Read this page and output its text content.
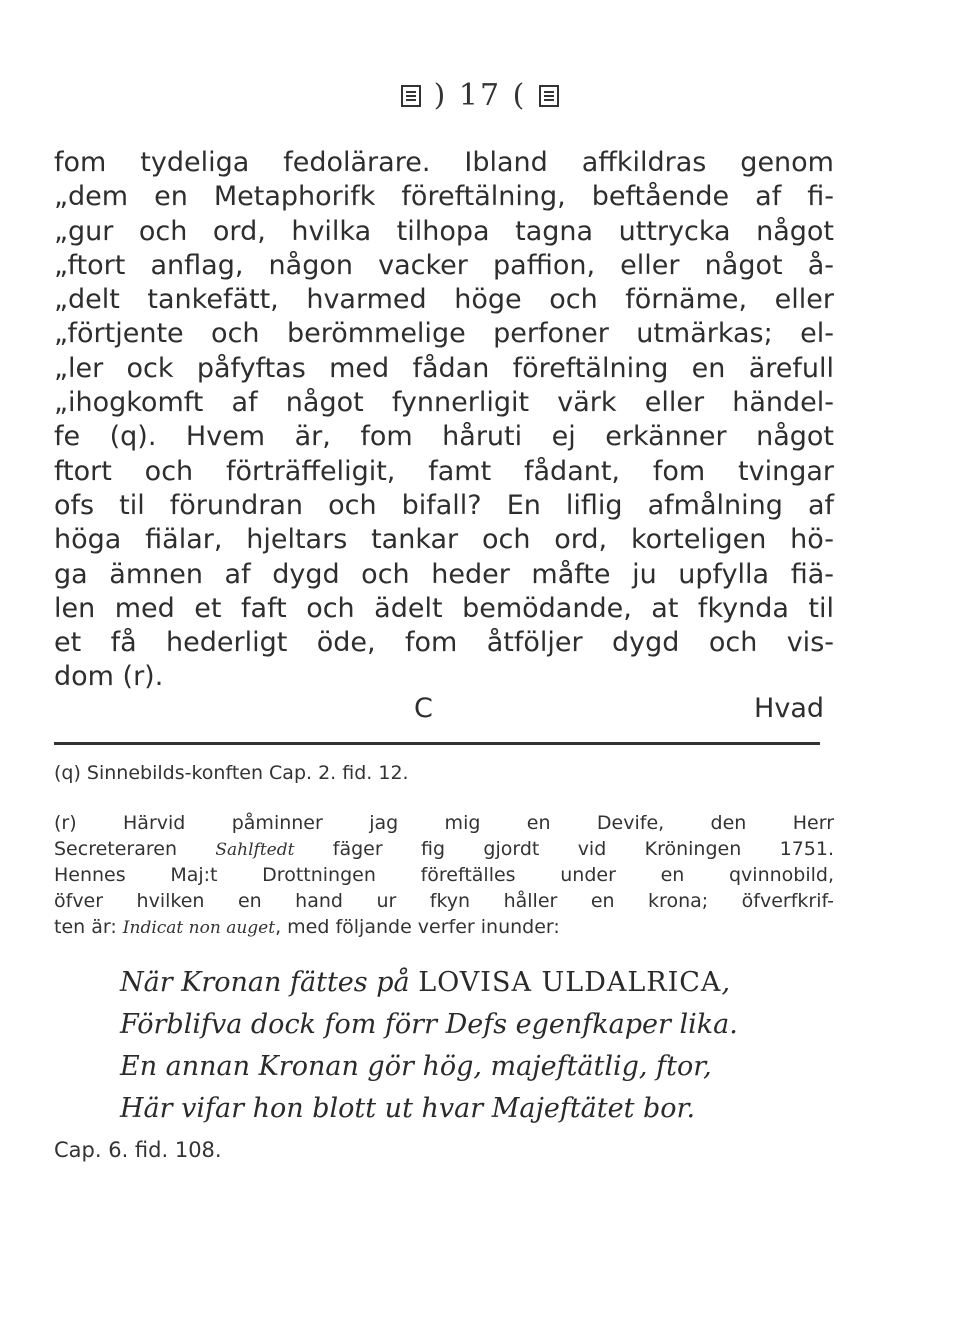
) 17 (
fom tydeliga fedolärare. Ibland affkildras genom
„dem en Metaphorifk föreftälning, beftående af fi-
„gur och ord, hvilka tilhopa tagna uttrycka något
„ftort anflag, någon vacker paffion, eller något å-
„delt tankefätt, hvarmed höge och förnäme, eller
„förtjente och berömmelige perfoner utmärkas; el-
„ler ock påfyftas med fådan föreftälning en ärefull
„ihogkomft af något fynnerligit värk eller händel-
fe (q). Hvem är, fom håruti ej erkänner något
ftort och förträffeligit, famt fådant, fom tvingar
ofs til förundran och bifall? En liflig afmålning af
höga fiälar, hjeltars tankar och ord, korteligen hö-
ga ämnen af dygd och heder måfte ju upfylla fiä-
len med et faft och ädelt bemödande, at fkynda til
et få hederligt öde, fom åtföljer dygd och vis-
dom (r).
C	Hvad
(q) Sinnebilds-konften Cap. 2. fid. 12.
(r) Härvid påminner jag mig en Devife, den Herr
Secreteraren Sahlftedt fäger fig gjordt vid Kröningen 1751.
Hennes Maj:t Drottningen föreftälles under en qvinnobild,
öfver hvilken en hand ur fkyn håller en krona; öfverfkrif-
ten är: Indicat non auget, med följande verfer inunder:
När Kronan fättes på LOVISA ULDALRICA,
Förblifva dock fom förr Defs egenfkaper lika.
En annan Kronan gör hög, majeftätlig, ftor,
Här vifar hon blott ut hvar Majeftätet bor.
Cap. 6. fid. 108.
